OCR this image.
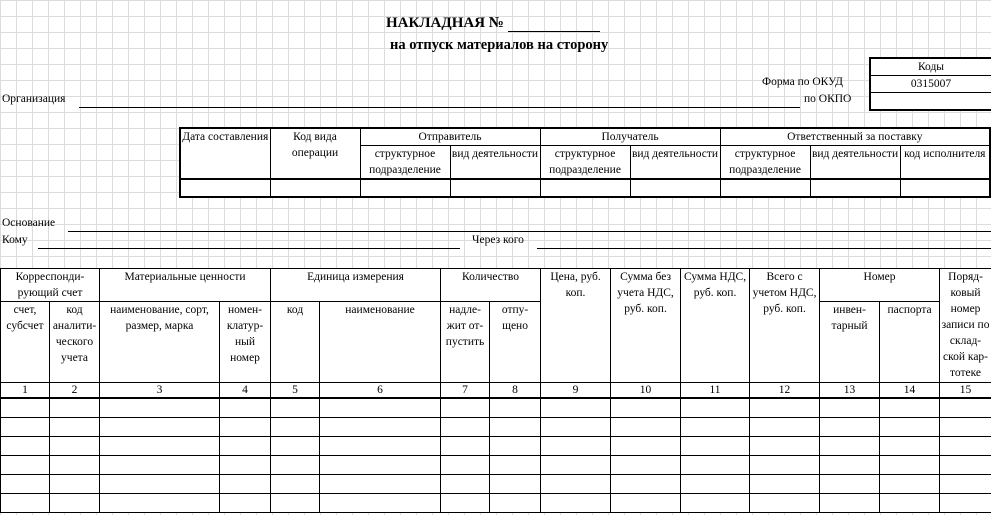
НАКЛАДНАЯ №
на отпуск материалов на сторону
Коды
0315007
Форма по ОКУД
по ОКПО
Организация
Дата составления	Код вида операции	Отправитель		Получатель		Ответственный за поставку		
		структурное подразделение	вид деятельности	структурное подразделение	вид деятельности	структурное подразделение	вид деятельности	код исполнителя

Основание
Кому	Через кого
Корреспонди-рующий счет		Материальные ценности		Единица измерения		Количество		Цена, руб. коп.	Сумма без учета НДС, руб. коп.	Сумма НДС, руб. коп.	Всего с учетом НДС, руб. коп.	Номер		Поряд-ковый номер записи по склад-ской кар-тотеке
счет, субсчет	код аналити-ческого учета	наименование, сорт, размер, марка	номен-клатур-ный номер	код	наименование	надле-жит от-пустить	отпу-щено					инвен-тарный	паспорта	
1	2	3	4	5	6	7	8	9	10	11	12	13	14	15
